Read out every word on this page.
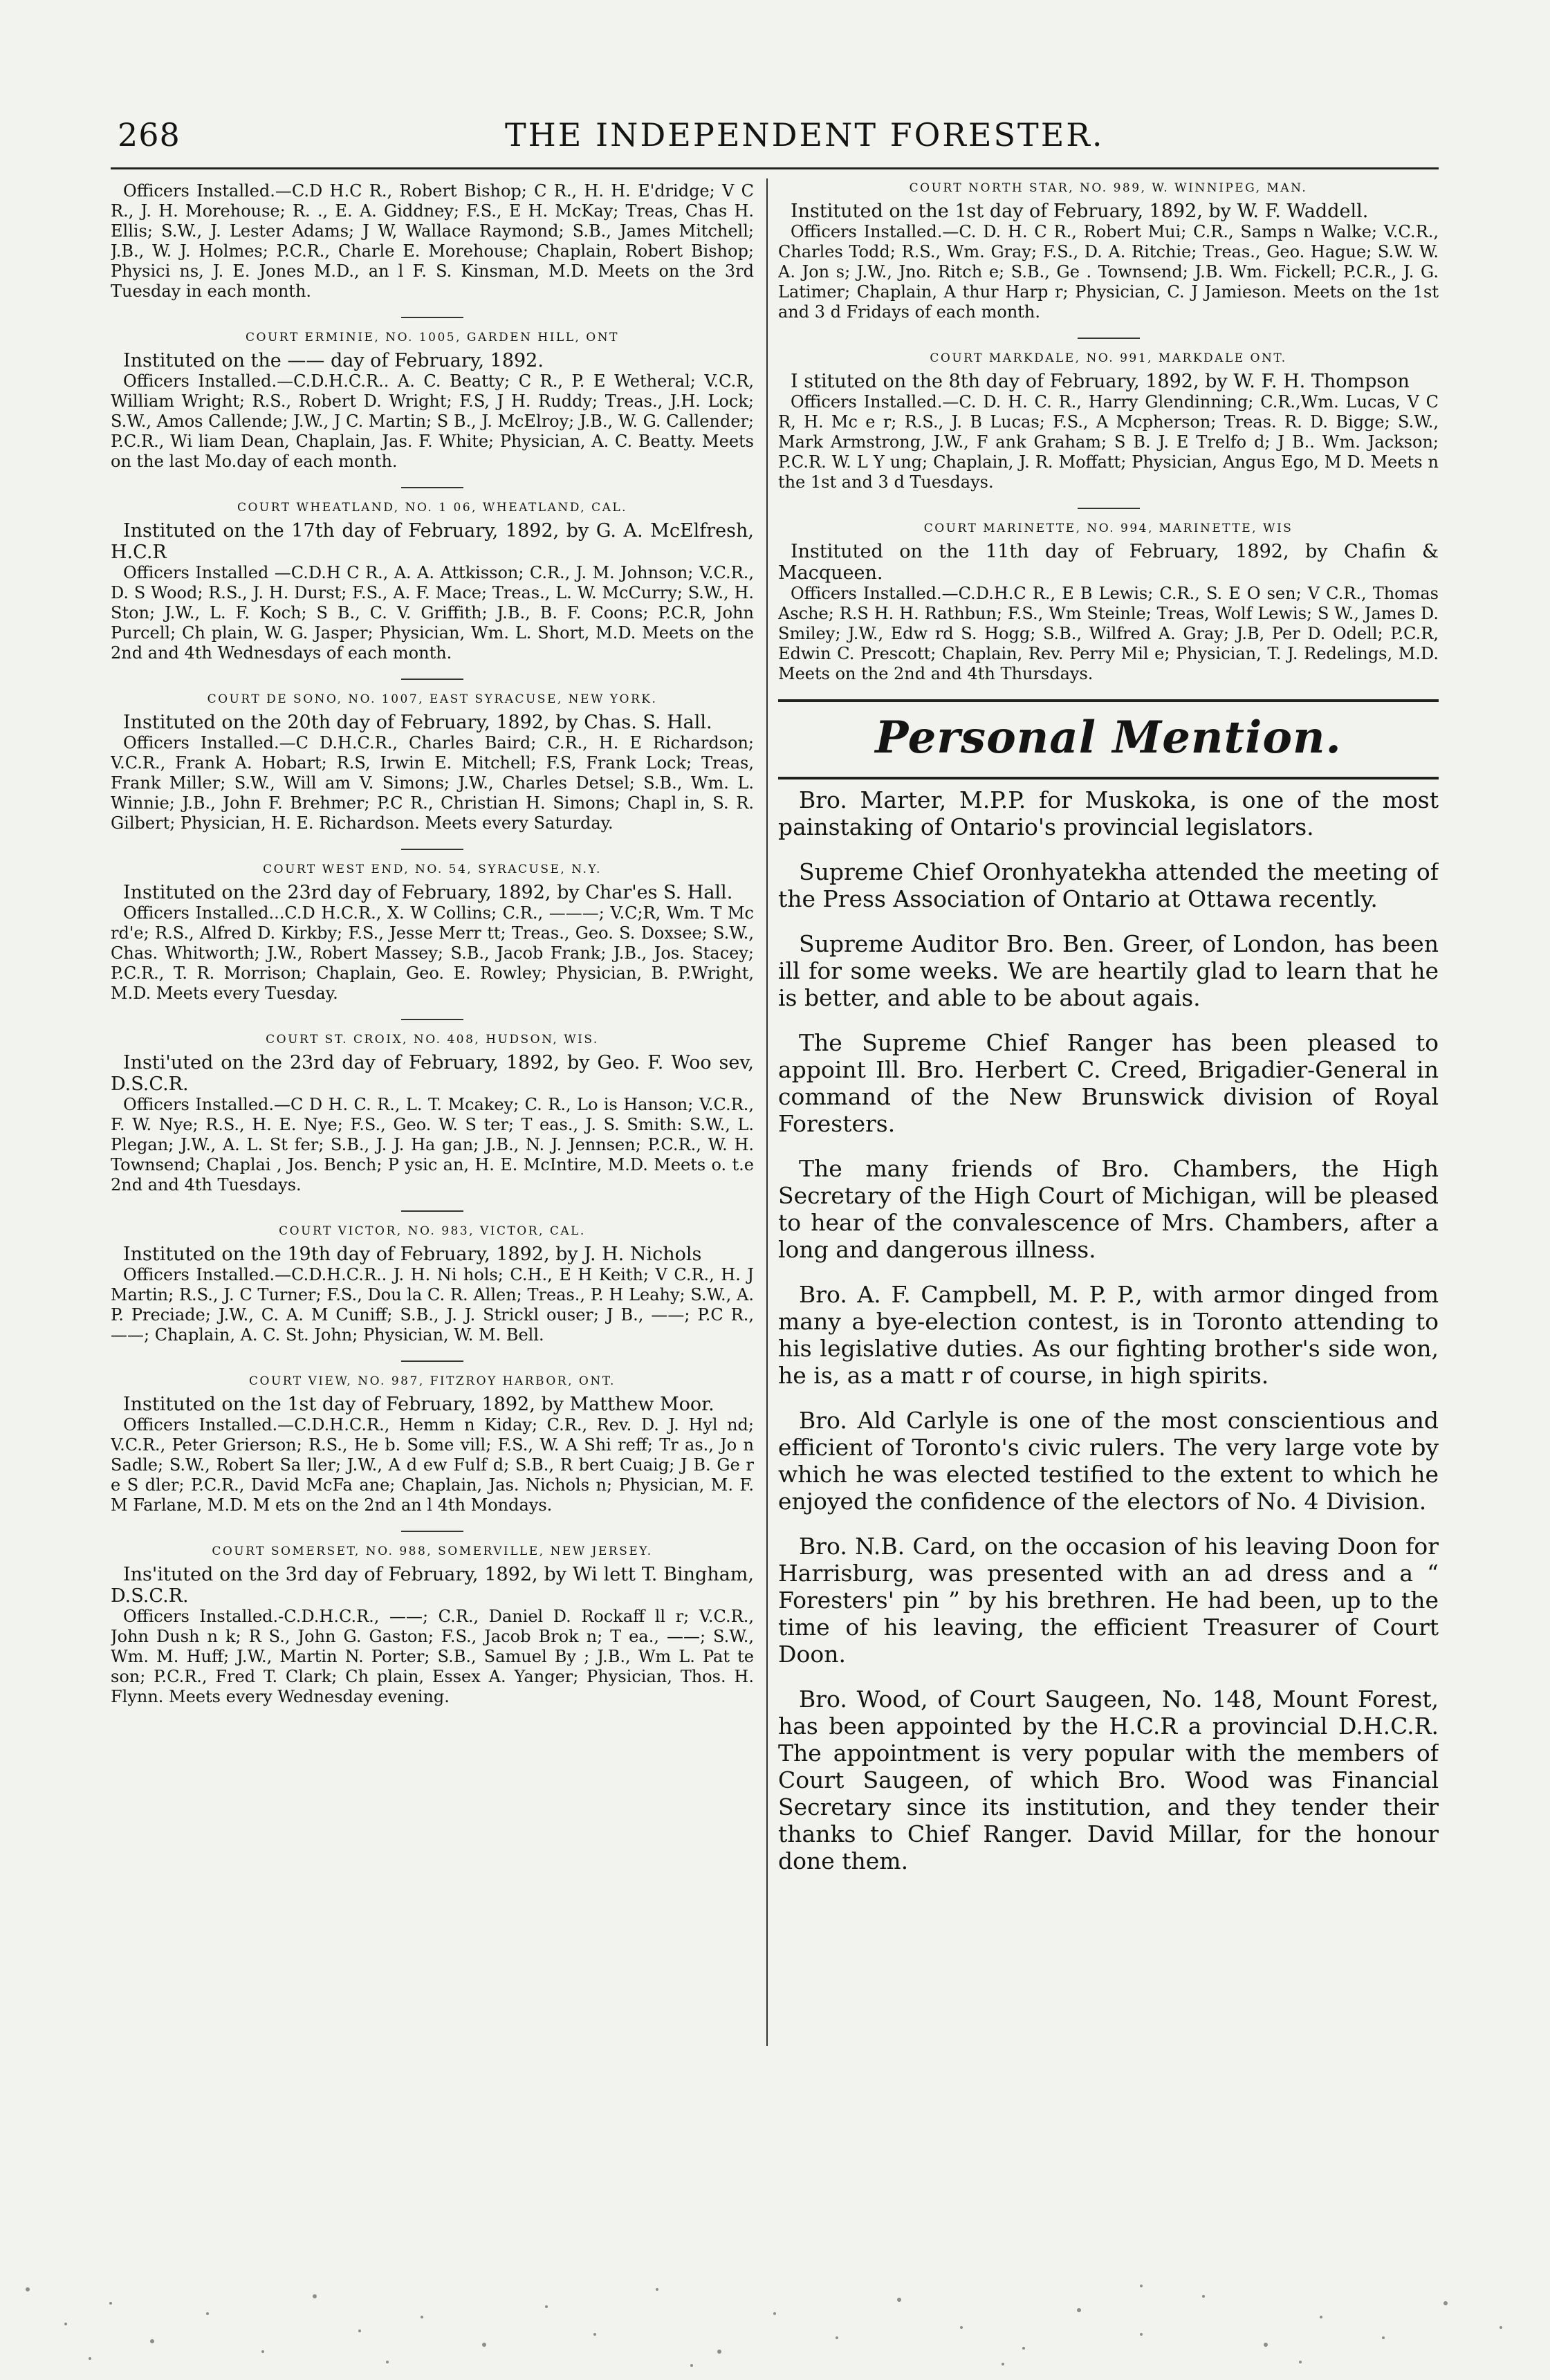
268	THE INDEPENDENT FORESTER.

Officers Installed.—C.D H.C R., Robert Bishop; C R., H. H. E'dridge; V C R., J. H. Morehouse; R. ., E. A. Giddney; F.S., E H. McKay; Treas, Chas H. Ellis; S.W., J. Lester Adams; J W, Wallace Raymond; S.B., James Mitchell; J.B., W. J. Holmes; P.C.R., Charle E. Morehouse; Chaplain, Robert Bishop; Physici ns, J. E. Jones M.D., an l F. S. Kinsman, M.D. Meets on the 3rd Tuesday in each month.

COURT ERMINIE, NO. 1005, GARDEN HILL, ONT

Instituted on the —— day of February, 1892.

Officers Installed.—C.D.H.C.R.. A. C. Beatty; C R., P. E Wetheral; V.C.R, William Wright; R.S., Robert D. Wright; F.S, J H. Ruddy; Treas., J.H. Lock; S.W., Amos Callende; J.W., J C. Martin; S B., J. McElroy; J.B., W. G. Callender; P.C.R., Wi liam Dean, Chaplain, Jas. F. White; Physician, A. C. Beatty. Meets on the last Mo.day of each month.

COURT WHEATLAND, NO. 1 06, WHEATLAND, CAL.

Instituted on the 17th day of February, 1892, by G. A. McElfresh, H.C.R

Officers Installed —C.D.H C R., A. A. Attkisson; C.R., J. M. Johnson; V.C.R., D. S Wood; R.S., J. H. Durst; F.S., A. F. Mace; Treas., L. W. McCurry; S.W., H. Ston; J.W., L. F. Koch; S B., C. V. Griffith; J.B., B. F. Coons; P.C.R, John Purcell; Ch plain, W. G. Jasper; Physician, Wm. L. Short, M.D. Meets on the 2nd and 4th Wednesdays of each month.

COURT DE SONO, NO. 1007, EAST SYRACUSE, NEW YORK.

Instituted on the 20th day of February, 1892, by Chas. S. Hall.

Officers Installed.—C D.H.C.R., Charles Baird; C.R., H. E Richardson; V.C.R., Frank A. Hobart; R.S, Irwin E. Mitchell; F.S, Frank Lock; Treas, Frank Miller; S.W., Will am V. Simons; J.W., Charles Detsel; S.B., Wm. L. Winnie; J.B., John F. Brehmer; P.C R., Christian H. Simons; Chapl in, S. R. Gilbert; Physician, H. E. Richardson. Meets every Saturday.

COURT WEST END, NO. 54, SYRACUSE, N.Y.

Instituted on the 23rd day of February, 1892, by Char'es S. Hall.

Officers Installed...C.D H.C.R., X. W Collins; C.R., ———; V.C;R, Wm. T Mc rd'e; R.S., Alfred D. Kirkby; F.S., Jesse Merr tt; Treas., Geo. S. Doxsee; S.W., Chas. Whitworth; J.W., Robert Massey; S.B., Jacob Frank; J.B., Jos. Stacey; P.C.R., T. R. Morrison; Chaplain, Geo. E. Rowley; Physician, B. P.Wright, M.D. Meets every Tuesday.

COURT ST. CROIX, NO. 408, HUDSON, WIS.

Insti'uted on the 23rd day of February, 1892, by Geo. F. Woo sev, D.S.C.R.

Officers Installed.—C D H. C. R., L. T. Mcakey; C. R., Lo is Hanson; V.C.R., F. W. Nye; R.S., H. E. Nye; F.S., Geo. W. S ter; T eas., J. S. Smith: S.W., L. Plegan; J.W., A. L. St fer; S.B., J. J. Ha gan; J.B., N. J. Jennsen; P.C.R., W. H. Townsend; Chaplai , Jos. Bench; P ysic an, H. E. McIntire, M.D. Meets o. t.e 2nd and 4th Tuesdays.

COURT VICTOR, NO. 983, VICTOR, CAL.

Instituted on the 19th day of February, 1892, by J. H. Nichols

Officers Installed.—C.D.H.C.R.. J. H. Ni hols; C.H., E H Keith; V C.R., H. J Martin; R.S., J. C Turner; F.S., Dou la C. R. Allen; Treas., P. H Leahy; S.W., A. P. Preciade; J.W., C. A. M Cuniff; S.B., J. J. Strickl ouser; J B., ——; P.C R., ——; Chaplain, A. C. St. John; Physician, W. M. Bell.

COURT VIEW, NO. 987, FITZROY HARBOR, ONT.

Instituted on the 1st day of February, 1892, by Matthew Moor.

Officers Installed.—C.D.H.C.R., Hemm n Kiday; C.R., Rev. D. J. Hyl nd; V.C.R., Peter Grierson; R.S., He b. Some vill; F.S., W. A Shi reff; Tr as., Jo n Sadle; S.W., Robert Sa ller; J.W., A d ew Fulf d; S.B., R bert Cuaig; J B. Ge r e S dler; P.C.R., David McFa ane; Chaplain, Jas. Nichols n; Physician, M. F. M Farlane, M.D. M ets on the 2nd an l 4th Mondays.

COURT SOMERSET, NO. 988, SOMERVILLE, NEW JERSEY.

Ins'ituted on the 3rd day of February, 1892, by Wi lett T. Bingham, D.S.C.R.

Officers Installed.-C.D.H.C.R., ——; C.R., Daniel D. Rockaff ll r; V.C.R., John Dush n k; R S., John G. Gaston; F.S., Jacob Brok n; T ea., ——; S.W., Wm. M. Huff; J.W., Martin N. Porter; S.B., Samuel By ; J.B., Wm L. Pat te son; P.C.R., Fred T. Clark; Ch plain, Essex A. Yanger; Physician, Thos. H. Flynn. Meets every Wednesday evening.

COURT NORTH STAR, NO. 989, W. WINNIPEG, MAN.

Instituted on the 1st day of February, 1892, by W. F. Waddell.

Officers Installed.—C. D. H. C R., Robert Mui; C.R., Samps n Walke; V.C.R., Charles Todd; R.S., Wm. Gray; F.S., D. A. Ritchie; Treas., Geo. Hague; S.W. W. A. Jon s; J.W., Jno. Ritch e; S.B., Ge . Townsend; J.B. Wm. Fickell; P.C.R., J. G. Latimer; Chaplain, A thur Harp r; Physician, C. J Jamieson. Meets on the 1st and 3 d Fridays of each month.

COURT MARKDALE, NO. 991, MARKDALE ONT.

I stituted on the 8th day of February, 1892, by W. F. H. Thompson

Officers Installed.—C. D. H. C. R., Harry Glendinning; C.R.,Wm. Lucas, V C R, H. Mc e r; R.S., J. B Lucas; F.S., A Mcpherson; Treas. R. D. Bigge; S.W., Mark Armstrong, J.W., F ank Graham; S B. J. E Trelfo d; J B.. Wm. Jackson; P.C.R. W. L Y ung; Chaplain, J. R. Moffatt; Physician, Angus Ego, M D. Meets n the 1st and 3 d Tuesdays.

COURT MARINETTE, NO. 994, MARINETTE, WIS

Instituted on the 11th day of February, 1892, by Chafin & Macqueen.

Officers Installed.—C.D.H.C R., E B Lewis; C.R., S. E O sen; V C.R., Thomas Asche; R.S H. H. Rathbun; F.S., Wm Steinle; Treas, Wolf Lewis; S W., James D. Smiley; J.W., Edw rd S. Hogg; S.B., Wilfred A. Gray; J.B, Per D. Odell; P.C.R, Edwin C. Prescott; Chaplain, Rev. Perry Mil e; Physician, T. J. Redelings, M.D. Meets on the 2nd and 4th Thursdays.

Personal Mention.

Bro. Marter, M.P.P. for Muskoka, is one of the most painstaking of Ontario's provincial legislators.

Supreme Chief Oronhyatekha attended the meeting of the Press Association of Ontario at Ottawa recently.

Supreme Auditor Bro. Ben. Greer, of London, has been ill for some weeks. We are heartily glad to learn that he is better, and able to be about agais.

The Supreme Chief Ranger has been pleased to appoint Ill. Bro. Herbert C. Creed, Brigadier-General in command of the New Brunswick division of Royal Foresters.

The many friends of Bro. Chambers, the High Secretary of the High Court of Michigan, will be pleased to hear of the convalescence of Mrs. Chambers, after a long and dangerous illness.

Bro. A. F. Campbell, M. P. P., with armor dinged from many a bye-election contest, is in Toronto attending to his legislative duties. As our fighting brother's side won, he is, as a matt r of course, in high spirits.

Bro. Ald Carlyle is one of the most conscientious and efficient of Toronto's civic rulers. The very large vote by which he was elected testified to the extent to which he enjoyed the confidence of the electors of No. 4 Division.

Bro. N.B. Card, on the occasion of his leaving Doon for Harrisburg, was presented with an ad dress and a “ Foresters' pin ” by his brethren. He had been, up to the time of his leaving, the efficient Treasurer of Court Doon.

Bro. Wood, of Court Saugeen, No. 148, Mount Forest, has been appointed by the H.C.R a provincial D.H.C.R. The appointment is very popular with the members of Court Saugeen, of which Bro. Wood was Financial Secretary since its institution, and they tender their thanks to Chief Ranger. David Millar, for the honour done them.
